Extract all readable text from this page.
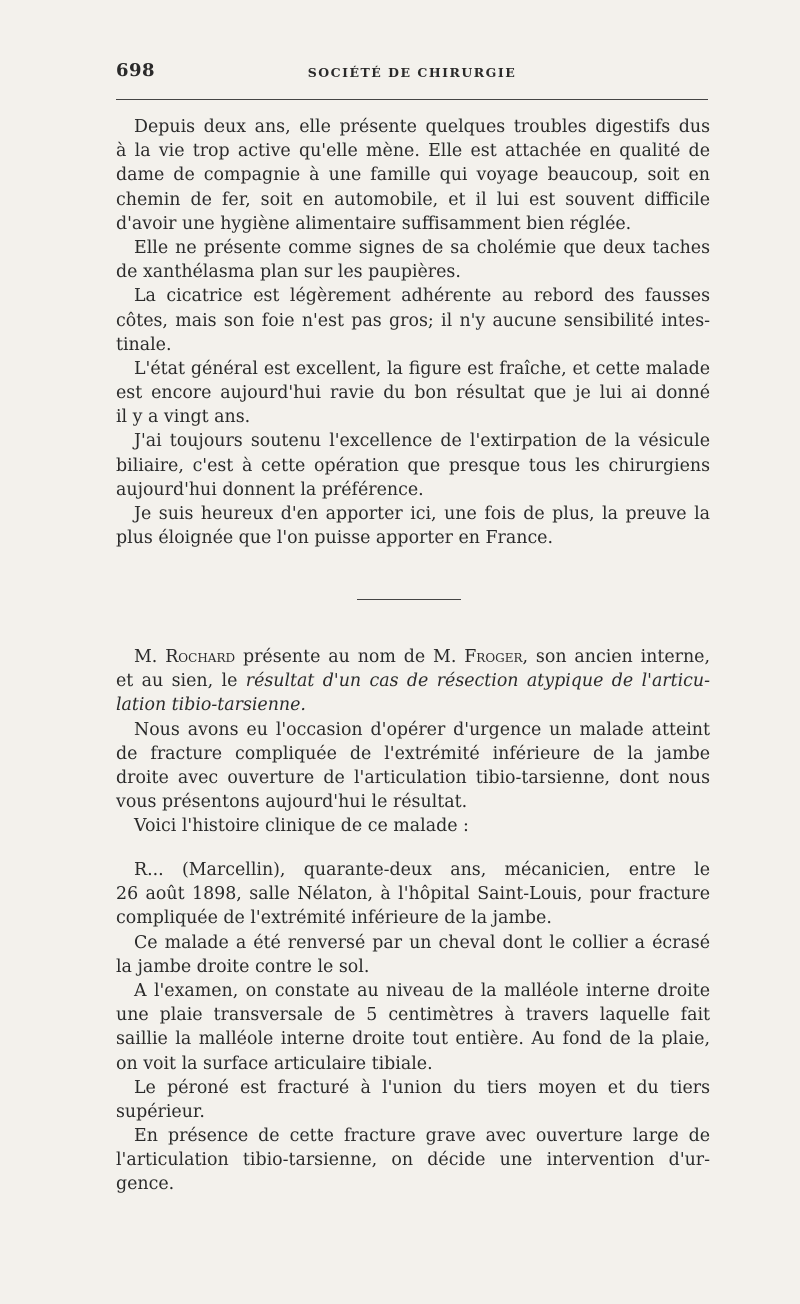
698	SOCIÉTÉ DE CHIRURGIE
Depuis deux ans, elle présente quelques troubles digestifs dus
à la vie trop active qu'elle mène. Elle est attachée en qualité de
dame de compagnie à une famille qui voyage beaucoup, soit en
chemin de fer, soit en automobile, et il lui est souvent difficile
d'avoir une hygiène alimentaire suffisamment bien réglée.
Elle ne présente comme signes de sa cholémie que deux taches
de xanthélasma plan sur les paupières.
La cicatrice est légèrement adhérente au rebord des fausses
côtes, mais son foie n'est pas gros; il n'y aucune sensibilité intes-
tinale.
L'état général est excellent, la figure est fraîche, et cette malade
est encore aujourd'hui ravie du bon résultat que je lui ai donné
il y a vingt ans.
J'ai toujours soutenu l'excellence de l'extirpation de la vésicule
biliaire, c'est à cette opération que presque tous les chirurgiens
aujourd'hui donnent la préférence.
Je suis heureux d'en apporter ici, une fois de plus, la preuve la
plus éloignée que l'on puisse apporter en France.
M. Rochard présente au nom de M. Froger, son ancien interne,
et au sien, le résultat d'un cas de résection atypique de l'articu-
lation tibio-tarsienne.
Nous avons eu l'occasion d'opérer d'urgence un malade atteint
de fracture compliquée de l'extrémité inférieure de la jambe
droite avec ouverture de l'articulation tibio-tarsienne, dont nous
vous présentons aujourd'hui le résultat.
Voici l'histoire clinique de ce malade :
R... (Marcellin), quarante-deux ans, mécanicien, entre le
26 août 1898, salle Nélaton, à l'hôpital Saint-Louis, pour fracture
compliquée de l'extrémité inférieure de la jambe.
Ce malade a été renversé par un cheval dont le collier a écrasé
la jambe droite contre le sol.
A l'examen, on constate au niveau de la malléole interne droite
une plaie transversale de 5 centimètres à travers laquelle fait
saillie la malléole interne droite tout entière. Au fond de la plaie,
on voit la surface articulaire tibiale.
Le péroné est fracturé à l'union du tiers moyen et du tiers
supérieur.
En présence de cette fracture grave avec ouverture large de
l'articulation tibio-tarsienne, on décide une intervention d'ur-
gence.
